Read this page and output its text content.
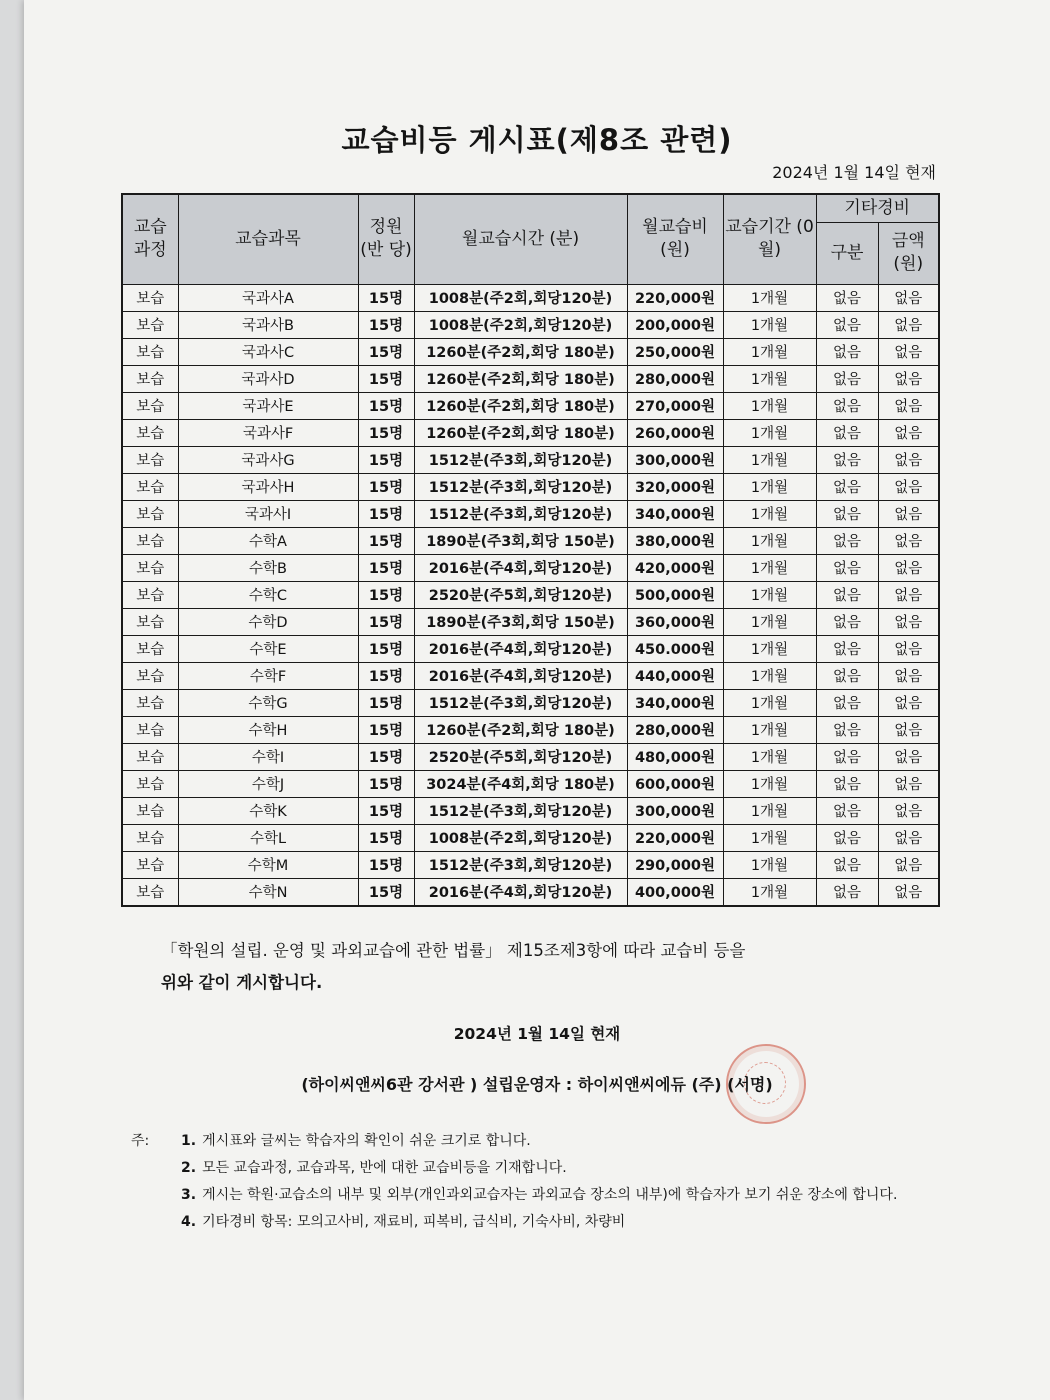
교습비등 게시표(제8조 관련)
2024년 1월 14일 현재
교습 과정	교습과목	정원 (반 당)	월교습시간 (분)	월교습비 (원)	교습기간 (0월)	기타경비	
						구분	금액 (원)
보습	국과사A	15명	1008분(주2회,회당120분)	220,000원	1개월	없음	없음
보습	국과사B	15명	1008분(주2회,회당120분)	200,000원	1개월	없음	없음
보습	국과사C	15명	1260분(주2회,회당 180분)	250,000원	1개월	없음	없음
보습	국과사D	15명	1260분(주2회,회당 180분)	280,000원	1개월	없음	없음
보습	국과사E	15명	1260분(주2회,회당 180분)	270,000원	1개월	없음	없음
보습	국과사F	15명	1260분(주2회,회당 180분)	260,000원	1개월	없음	없음
보습	국과사G	15명	1512분(주3회,회당120분)	300,000원	1개월	없음	없음
보습	국과사H	15명	1512분(주3회,회당120분)	320,000원	1개월	없음	없음
보습	국과사I	15명	1512분(주3회,회당120분)	340,000원	1개월	없음	없음
보습	수학A	15명	1890분(주3회,회당 150분)	380,000원	1개월	없음	없음
보습	수학B	15명	2016분(주4회,회당120분)	420,000원	1개월	없음	없음
보습	수학C	15명	2520분(주5회,회당120분)	500,000원	1개월	없음	없음
보습	수학D	15명	1890분(주3회,회당 150분)	360,000원	1개월	없음	없음
보습	수학E	15명	2016분(주4회,회당120분)	450.000원	1개월	없음	없음
보습	수학F	15명	2016분(주4회,회당120분)	440,000원	1개월	없음	없음
보습	수학G	15명	1512분(주3회,회당120분)	340,000원	1개월	없음	없음
보습	수학H	15명	1260분(주2회,회당 180분)	280,000원	1개월	없음	없음
보습	수학I	15명	2520분(주5회,회당120분)	480,000원	1개월	없음	없음
보습	수학J	15명	3024분(주4회,회당 180분)	600,000원	1개월	없음	없음
보습	수학K	15명	1512분(주3회,회당120분)	300,000원	1개월	없음	없음
보습	수학L	15명	1008분(주2회,회당120분)	220,000원	1개월	없음	없음
보습	수학M	15명	1512분(주3회,회당120분)	290,000원	1개월	없음	없음
보습	수학N	15명	2016분(주4회,회당120분)	400,000원	1개월	없음	없음
「학원의 설립. 운영 및 과외교습에 관한 법률」 제15조제3항에 따라 교습비 등을
위와 같이 게시합니다.
2024년 1월 14일 현재
(하이씨앤씨6관 강서관 ) 설립운영자 : 하이씨앤씨에듀 (주) (서명)
주:	1. 게시표와 글씨는 학습자의 확인이 쉬운 크기로 합니다.
2. 모든 교습과정, 교습과목, 반에 대한 교습비등을 기재합니다.
3. 게시는 학원·교습소의 내부 및 외부(개인과외교습자는 과외교습 장소의 내부)에 학습자가 보기 쉬운 장소에 합니다.
4. 기타경비 항목: 모의고사비, 재료비, 피복비, 급식비, 기숙사비, 차량비
